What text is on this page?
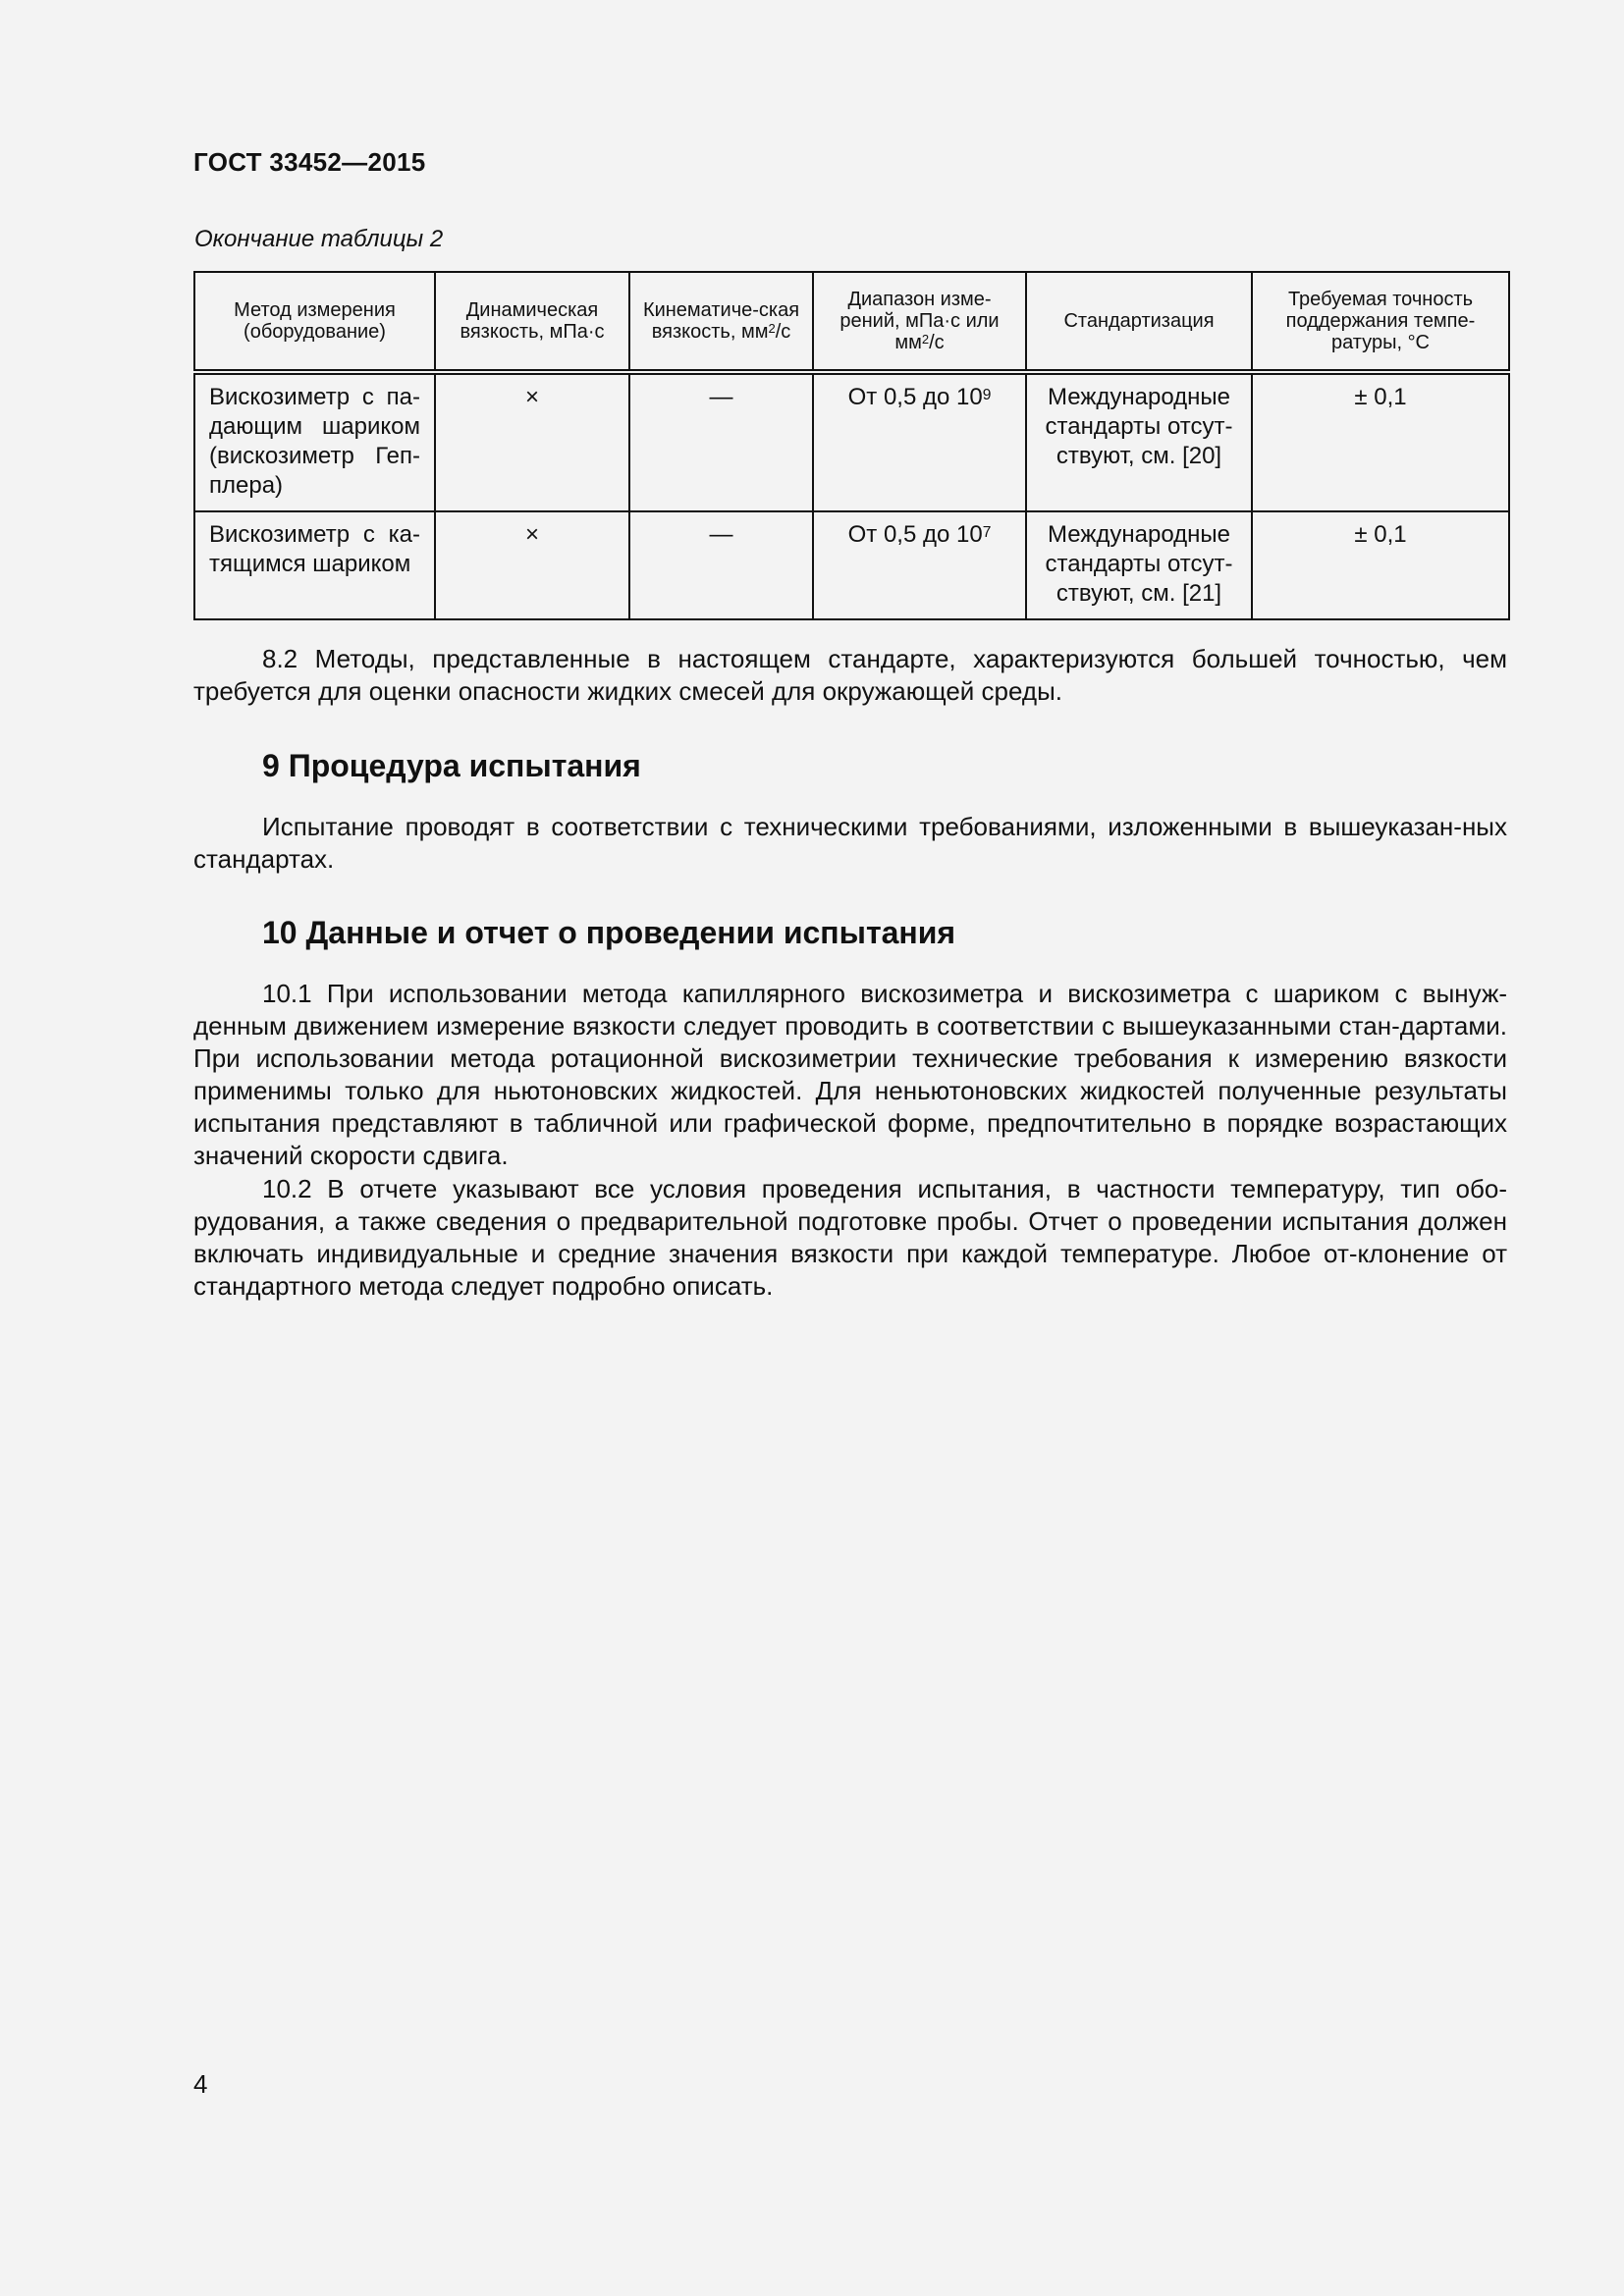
ГОСТ 33452—2015
Окончание таблицы 2
Метод измерения (оборудование)	Динамическая вязкость, мПа·с	Кинематиче-ская вязкость, $мм^2/с$	Диапазон изме-рений, мПа·с или $мм^2/с$	Стандартизация	Требуемая точность поддержания темпе-ратуры, °С
Вискозиметр с па-дающим шариком (вискозиметр Геп-плера)	×	—	От 0,5 до $10^9$	Международные стандарты отсут-ствуют, см. [20]	± 0,1
Вискозиметр с ка-тящимся шариком	×	—	От 0,5 до $10^7$	Международные стандарты отсут-ствуют, см. [21]	± 0,1
8.2 Методы, представленные в настоящем стандарте, характеризуются большей точностью, чем требуется для оценки опасности жидких смесей для окружающей среды.
9 Процедура испытания
Испытание проводят в соответствии с техническими требованиями, изложенными в вышеуказан-ных стандартах.
10 Данные и отчет о проведении испытания
10.1 При использовании метода капиллярного вискозиметра и вискозиметра с шариком с вынуж-денным движением измерение вязкости следует проводить в соответствии с вышеуказанными стан-дартами. При использовании метода ротационной вискозиметрии технические требования к измерению вязкости применимы только для ньютоновских жидкостей. Для неньютоновских жидкостей полученные результаты испытания представляют в табличной или графической форме, предпочтительно в порядке возрастающих значений скорости сдвига.
10.2 В отчете указывают все условия проведения испытания, в частности температуру, тип обо-рудования, а также сведения о предварительной подготовке пробы. Отчет о проведении испытания должен включать индивидуальные и средние значения вязкости при каждой температуре. Любое от-клонение от стандартного метода следует подробно описать.
4
